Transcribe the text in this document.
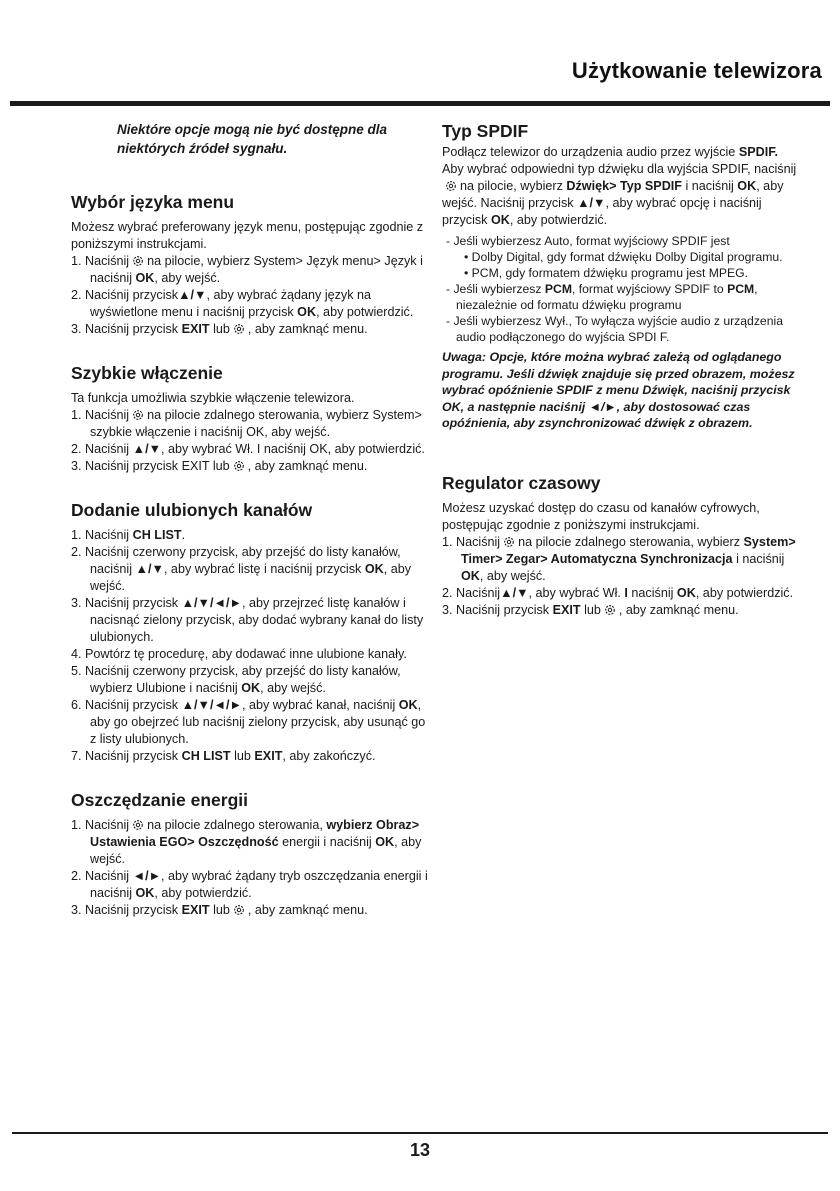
Użytkowanie telewizora

Niektóre opcje mogą nie być dostępne dla niektórych źródeł sygnału.

Wybór języka menu

Możesz wybrać preferowany język menu, postępując zgodnie z poniższymi instrukcjami.

1. Naciśnij na pilocie, wybierz System> Język menu> Język i naciśnij OK, aby wejść.
2. Naciśnij przycisk▲/▼, aby wybrać żądany język na wyświetlone menu i naciśnij przycisk OK, aby potwierdzić.
3. Naciśnij przycisk EXIT lub , aby zamknąć menu.
Szybkie włączenie

Ta funkcja umożliwia szybkie włączenie telewizora.

1. Naciśnij na pilocie zdalnego sterowania, wybierz System> szybkie włączenie i naciśnij OK, aby wejść.
2. Naciśnij ▲/▼, aby wybrać Wł. I naciśnij OK, aby potwierdzić.
3. Naciśnij przycisk EXIT lub , aby zamknąć menu.
Dodanie ulubionych kanałów
1. Naciśnij CH LIST.
2. Naciśnij czerwony przycisk, aby przejść do listy kanałów, naciśnij ▲/▼, aby wybrać listę i naciśnij przycisk OK, aby wejść.
3. Naciśnij przycisk ▲/▼/◄/►, aby przejrzeć listę kanałów i nacisnąć zielony przycisk, aby dodać wybrany kanał do listy ulubionych.
4. Powtórz tę procedurę, aby dodawać inne ulubione kanały.
5. Naciśnij czerwony przycisk, aby przejść do listy kanałów, wybierz Ulubione i naciśnij OK, aby wejść.
6. Naciśnij przycisk ▲/▼/◄/►, aby wybrać kanał, naciśnij OK, aby go obejrzeć lub naciśnij zielony przycisk, aby usunąć go z listy ulubionych.
7. Naciśnij przycisk CH LIST lub EXIT, aby zakończyć.
Oszczędzanie energii
1. Naciśnij na pilocie zdalnego sterowania, wybierz Obraz> Ustawienia EGO> Oszczędność energii i naciśnij OK, aby wejść.
2. Naciśnij ◄/►, aby wybrać żądany tryb oszczędzania energii i naciśnij OK, aby potwierdzić.
3. Naciśnij przycisk EXIT lub , aby zamknąć menu.
Typ SPDIF

Podłącz telewizor do urządzenia audio przez wyjście SPDIF. Aby wybrać odpowiedni typ dźwięku dla wyjścia SPDIF, naciśnijna pilocie, wybierz Dźwięk> Typ SPDIF i naciśnij OK, aby wejść. Naciśnij przycisk ▲/▼, aby wybrać opcję i naciśnij przycisk OK, aby potwierdzić.

- Jeśli wybierzesz Auto, format wyjściowy SPDIF jest
• Dolby Digital, gdy format dźwięku Dolby Digital programu.
• PCM, gdy formatem dźwięku programu jest MPEG.
- Jeśli wybierzesz PCM, format wyjściowy SPDIF to PCM, niezależnie od formatu dźwięku programu
- Jeśli wybierzesz Wył., To wyłącza wyjście audio z urządzenia audio podłączonego do wyjścia SPDI F.

Uwaga: Opcje, które można wybrać zależą od oglądanego programu. Jeśli dźwięk znajduje się przed obrazem, możesz wybrać opóźnienie SPDIF z menu Dźwięk, naciśnij przycisk OK, a następnie naciśnij ◄/►, aby dostosować czas opóźnienia, aby zsynchronizować dźwięk z obrazem.

Regulator czasowy

Możesz uzyskać dostęp do czasu od kanałów cyfrowych, postępując zgodnie z poniższymi instrukcjami.

1. Naciśnij na pilocie zdalnego sterowania, wybierz System> Timer> Zegar> Automatyczna Synchronizacja i naciśnij OK, aby wejść.
2. Naciśnij▲/▼, aby wybrać Wł. I naciśnij OK, aby potwierdzić.
3. Naciśnij przycisk EXIT lub , aby zamknąć menu.
13
